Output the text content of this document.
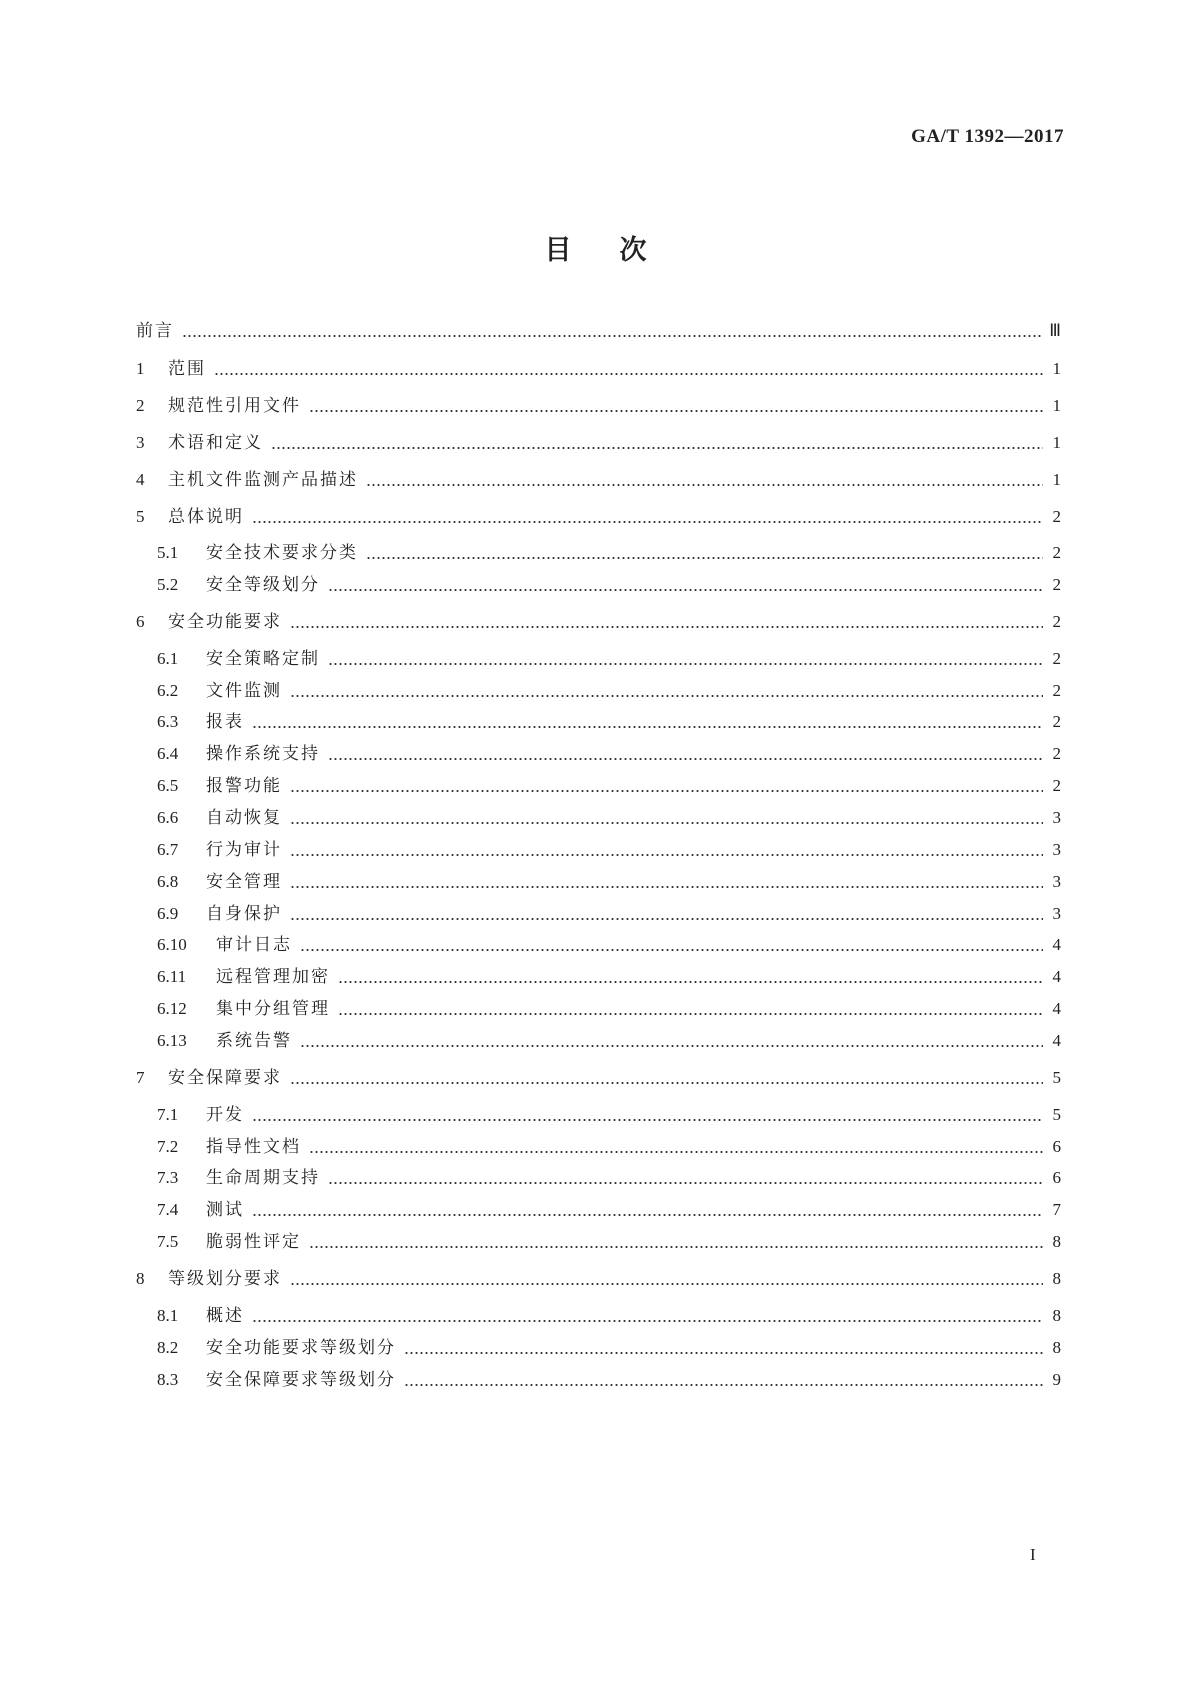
GA/T 1392—2017
目 次
前言	Ⅲ
1	范围	1
2	规范性引用文件	1
3	术语和定义	1
4	主机文件监测产品描述	1
5	总体说明	2
5.1	安全技术要求分类	2
5.2	安全等级划分	2
6	安全功能要求	2
6.1	安全策略定制	2
6.2	文件监测	2
6.3	报表	2
6.4	操作系统支持	2
6.5	报警功能	2
6.6	自动恢复	3
6.7	行为审计	3
6.8	安全管理	3
6.9	自身保护	3
6.10	审计日志	4
6.11	远程管理加密	4
6.12	集中分组管理	4
6.13	系统告警	4
7	安全保障要求	5
7.1	开发	5
7.2	指导性文档	6
7.3	生命周期支持	6
7.4	测试	7
7.5	脆弱性评定	8
8	等级划分要求	8
8.1	概述	8
8.2	安全功能要求等级划分	8
8.3	安全保障要求等级划分	9
I
